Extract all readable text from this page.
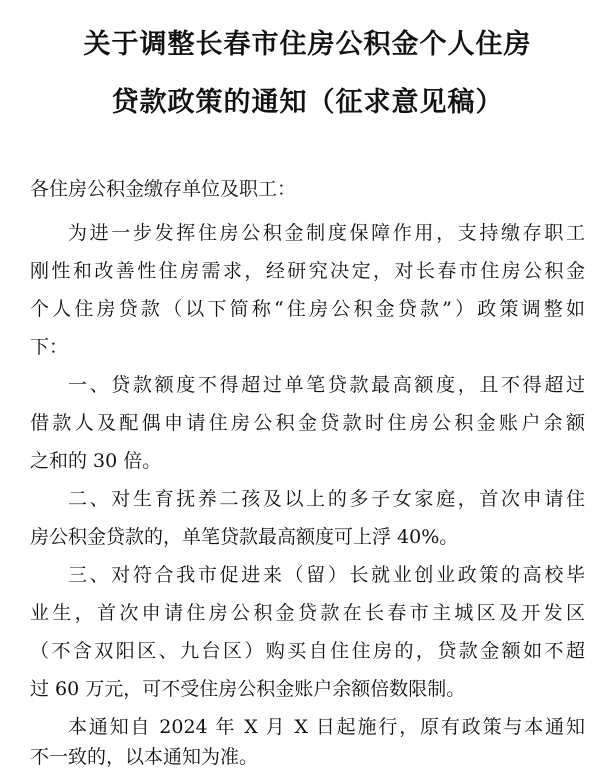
关于调整长春市住房公积金个人住房
贷款政策的通知（征求意见稿）
各住房公积金缴存单位及职工：
为进一步发挥住房公积金制度保障作用，支持缴存职工
刚性和改善性住房需求，经研究决定，对长春市住房公积金
个人住房贷款（以下简称“住房公积金贷款”）政策调整如
下：
一、贷款额度不得超过单笔贷款最高额度，且不得超过
借款人及配偶申请住房公积金贷款时住房公积金账户余额
之和的 30 倍。
二、对生育抚养二孩及以上的多子女家庭，首次申请住
房公积金贷款的，单笔贷款最高额度可上浮 40%。
三、对符合我市促进来（留）长就业创业政策的高校毕
业生，首次申请住房公积金贷款在长春市主城区及开发区
（不含双阳区、九台区）购买自住住房的，贷款金额如不超
过 60 万元，可不受住房公积金账户余额倍数限制。
本通知自 2024 年 X 月 X 日起施行，原有政策与本通知
不一致的，以本通知为准。
